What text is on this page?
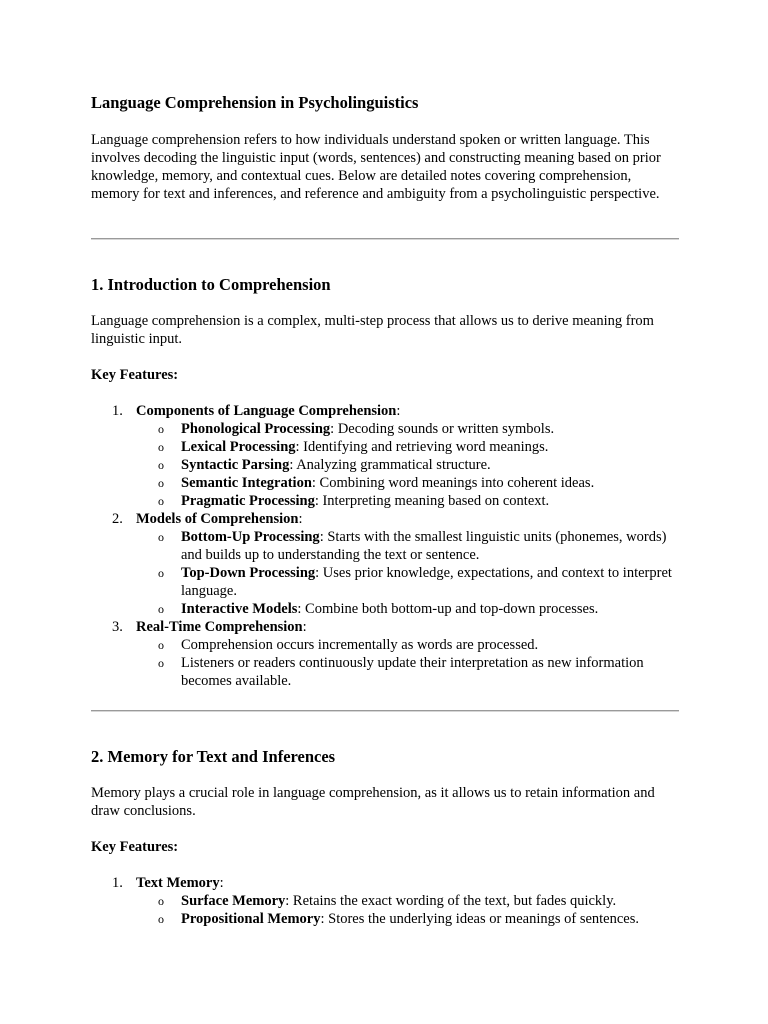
Language Comprehension in Psycholinguistics

Language comprehension refers to how individuals understand spoken or written language. This involves decoding the linguistic input (words, sentences) and constructing meaning based on prior knowledge, memory, and contextual cues. Below are detailed notes covering comprehension, memory for text and inferences, and reference and ambiguity from a psycholinguistic perspective.

1. Introduction to Comprehension

Language comprehension is a complex, multi-step process that allows us to derive meaning from linguistic input.

Key Features:

1. Components of Language Comprehension:
o Phonological Processing: Decoding sounds or written symbols.
o Lexical Processing: Identifying and retrieving word meanings.
o Syntactic Parsing: Analyzing grammatical structure.
o Semantic Integration: Combining word meanings into coherent ideas.
o Pragmatic Processing: Interpreting meaning based on context.
2. Models of Comprehension:
o Bottom-Up Processing: Starts with the smallest linguistic units (phonemes, words) and builds up to understanding the text or sentence.
o Top-Down Processing: Uses prior knowledge, expectations, and context to interpret language.
o Interactive Models: Combine both bottom-up and top-down processes.
3. Real-Time Comprehension:
o Comprehension occurs incrementally as words are processed.
o Listeners or readers continuously update their interpretation as new information becomes available.
2. Memory for Text and Inferences

Memory plays a crucial role in language comprehension, as it allows us to retain information and draw conclusions.

Key Features:

1. Text Memory:
o Surface Memory: Retains the exact wording of the text, but fades quickly.
o Propositional Memory: Stores the underlying ideas or meanings of sentences.
